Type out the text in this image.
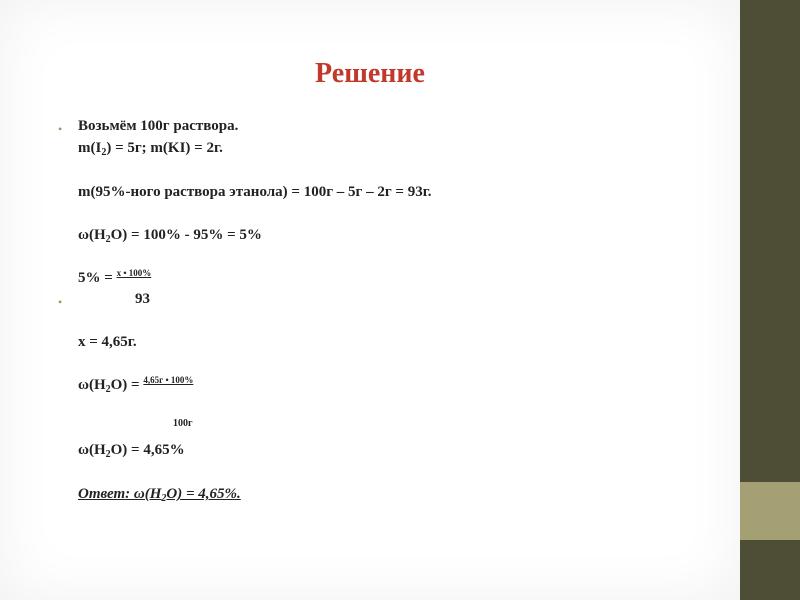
Решение
•	Возьмём 100г раствора.
$m(I_2) = 5г$; m(KI) = 2г.
m(95%-ного раствора этанола) = 100г – 5г – 2г = 93г.
$\omega(H_2O) = 100\% - 95\% = 5\%$
5% = $^{x • 100\%}$
•	93
x = 4,65г.
$\omega(H_2O) = ^{4,65г • 100\%}$
100г
$\omega(H_2O) = 4,65\%$
Ответ: $\omega(H_2O) = 4,65\%$.
